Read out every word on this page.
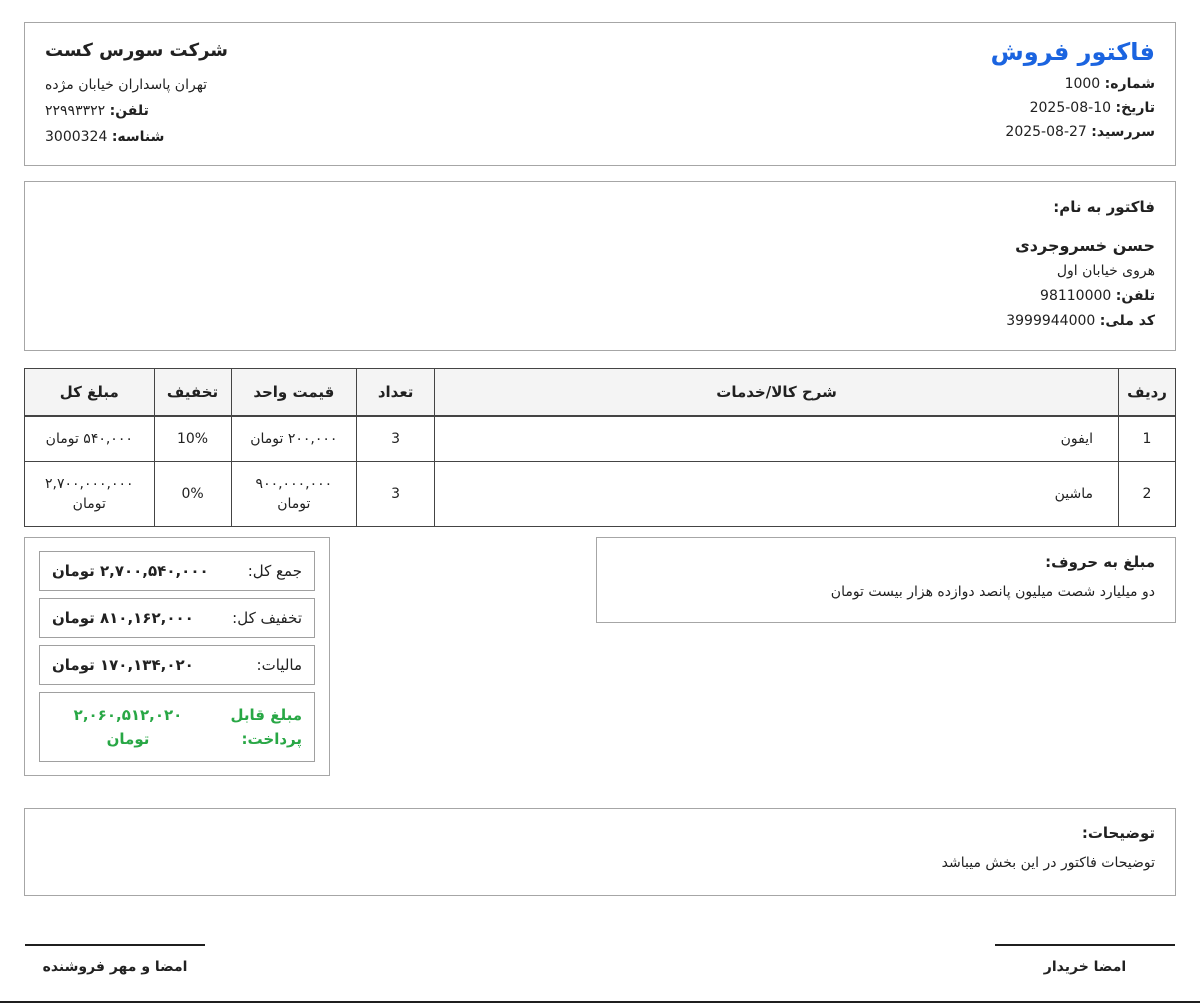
فاکتور فروش
شماره: 1000
تاریخ: 10-08-2025
سررسید: 27-08-2025
شرکت سورس کست
تهران پاسداران خیابان مژده
تلفن: ۲۲۹۹۳۳۲۲
شناسه: 3000324
فاکتور به نام:
حسن خسروجردی
هروی خیابان اول
تلفن: 98110000
کد ملی: 3999944000
ردیف	شرح کالا/خدمات	تعداد	قیمت واحد	تخفیف	مبلغ کل
1	ایفون	3	۲۰۰,۰۰۰ تومان	10%	۵۴۰,۰۰۰ تومان
2	ماشین	3	۹۰۰,۰۰۰,۰۰۰ تومان	0%	۲,۷۰۰,۰۰۰,۰۰۰ تومان
مبلغ به حروف:
دو میلیارد شصت میلیون پانصد دوازده هزار بیست تومان
جمع کل:
۲,۷۰۰,۵۴۰,۰۰۰ تومان
تخفیف کل:
۸۱۰,۱۶۲,۰۰۰ تومان
مالیات:
۱۷۰,۱۳۴,۰۲۰ تومان
مبلغ قابل پرداخت:
۲,۰۶۰,۵۱۲,۰۲۰ تومان
توضیحات:
توضیحات فاکتور در این بخش میباشد
امضا خریدار
امضا و مهر فروشنده
